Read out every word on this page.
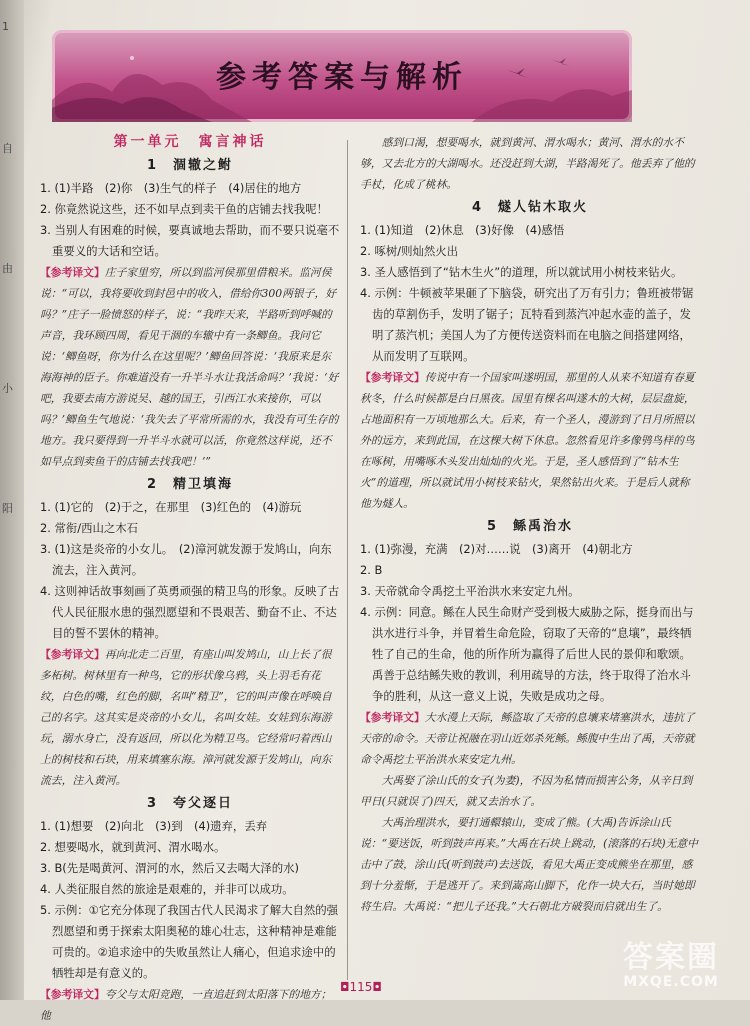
1
自
由
小
阳
参考答案与解析
第一单元　寓言神话
1　涸辙之鲋

1. (1)半路　(2)你　(3)生气的样子　(4)居住的地方

2. 你竟然说这些，还不如早点到卖干鱼的店铺去找我呢！

3. 当别人有困难的时候，要真诚地去帮助，而不要只说毫不重要义的大话和空话。

【参考译文】庄子家里穷，所以到监河侯那里借粮米。监河侯说：“可以，我将要收到封邑中的收入，借给你300两银子，好吗？”庄子一脸愤怒的样子，说：“我昨天来，半路听到呼喊的声音，我环顾四周，看见干涸的车辙中有一条鲫鱼。我问它说：‘鲫鱼呀，你为什么在这里呢？’鲫鱼回答说：‘我原来是东海海神的臣子。你难道没有一升半斗水让我活命吗？’我说：‘好吧，我要去南方游说吴、越的国王，引西江水来接你，可以吗？’鲫鱼生气地说：‘我失去了平常所需的水，我没有可生存的地方。我只要得到一升半斗水就可以活，你竟然这样说，还不如早点到卖鱼干的店铺去找我吧！’”

2　精卫填海

1. (1)它的　(2)于之，在那里　(3)红色的　(4)游玩

2. 常衔/西山之木石

3. (1)这是炎帝的小女儿。　(2)漳河就发源于发鸠山，向东流去，注入黄河。

4. 这则神话故事刻画了英勇顽强的精卫鸟的形象。反映了古代人民征服水患的强烈愿望和不畏艰苦、勤奋不止、不达目的誓不罢休的精神。

【参考译文】再向北走二百里，有座山叫发鸠山，山上长了很多柘树。树林里有一种鸟，它的形状像乌鸦，头上羽毛有花纹，白色的嘴，红色的脚，名叫“精卫”，它的叫声像在呼唤自己的名字。这其实是炎帝的小女儿，名叫女娃。女娃到东海游玩，溺水身亡，没有返回，所以化为精卫鸟。它经常叼着西山上的树枝和石块，用来填塞东海。漳河就发源于发鸠山，向东流去，注入黄河。

3　夸父逐日

1. (1)想要　(2)向北　(3)到　(4)遗弃，丢弃

2. 想要喝水，就到黄河、渭水喝水。

3. B(先是喝黄河、渭河的水，然后又去喝大泽的水)

4. 人类征服自然的旅途是艰难的，并非可以成功。

5. 示例：①它充分体现了我国古代人民渴求了解大自然的强烈愿望和勇于探索太阳奥秘的雄心壮志，这种精神是难能可贵的。②追求途中的失败虽然让人痛心，但追求途中的牺牲却是有意义的。

【参考译文】夸父与太阳竞跑，一直追赶到太阳落下的地方；他

感到口渴，想要喝水，就到黄河、渭水喝水；黄河、渭水的水不够，又去北方的大湖喝水。还没赶到大湖，半路渴死了。他丢弃了他的手杖，化成了桃林。

4　燧人钻木取火

1. (1)知道　(2)休息　(3)好像　(4)感悟

2. 啄树/则灿然火出

3. 圣人感悟到了“钻木生火”的道理，所以就试用小树枝来钻火。

4. 示例：牛顿被苹果砸了下脑袋，研究出了万有引力；鲁班被带锯齿的草割伤手，发明了锯子；瓦特看到蒸汽冲起水壶的盖子，发明了蒸汽机；美国人为了方便传送资料而在电脑之间搭建网络，从而发明了互联网。

【参考译文】传说中有一个国家叫遂明国，那里的人从来不知道有春夏秋冬，什么时候都是白日黑夜。国里有棵名叫遂木的大树，层层盘旋，占地面积有一万顷地那么大。后来，有一个圣人，漫游到了日月所照以外的远方，来到此国，在这棵大树下休息。忽然看见许多像鸮鸟样的鸟在啄树，用嘴啄木头发出灿灿的火光。于是，圣人感悟到了“钻木生火”的道理，所以就试用小树枝来钻火，果然钻出火来。于是后人就称他为燧人。

5　鲧禹治水

1. (1)弥漫，充满　(2)对……说　(3)离开　(4)朝北方

2. B

3. 天帝就命令禹挖土平治洪水来安定九州。

4. 示例：同意。鲧在人民生命财产受到极大威胁之际，挺身而出与洪水进行斗争，并冒着生命危险，窃取了天帝的“息壤”，最终牺牲了自己的生命，他的所作所为赢得了后世人民的景仰和歌颂。禹善于总结鲧失败的教训，利用疏导的方法，终于取得了治水斗争的胜利，从这一意义上说，失败是成功之母。

【参考译文】大水漫上天际，鲧盗取了天帝的息壤来堵塞洪水，违抗了天帝的命令。天帝让祝融在羽山近郊杀死鲧。鲧腹中生出了禹，天帝就命令禹挖土平治洪水来安定九州。

大禹娶了涂山氏的女子(为妻)，不因为私情而损害公务，从辛日到甲日(只就误了)四天，就又去治水了。

大禹治理洪水，要打通轘辕山，变成了熊。(大禹)告诉涂山氏说：“要送饭，听到鼓声再来。”大禹在石块上跳动，(滚落的石块)无意中击中了鼓，涂山氏(听到鼓声)去送饭，看见大禹正变成熊坐在那里，感到十分羞惭，于是逃开了。来到嵩高山脚下，化作一块大石，当时她即将生启。大禹说：“把儿子还我。”大石朝北方破裂而启就出生了。

◘115◘
答案圈
MXQE.COM
